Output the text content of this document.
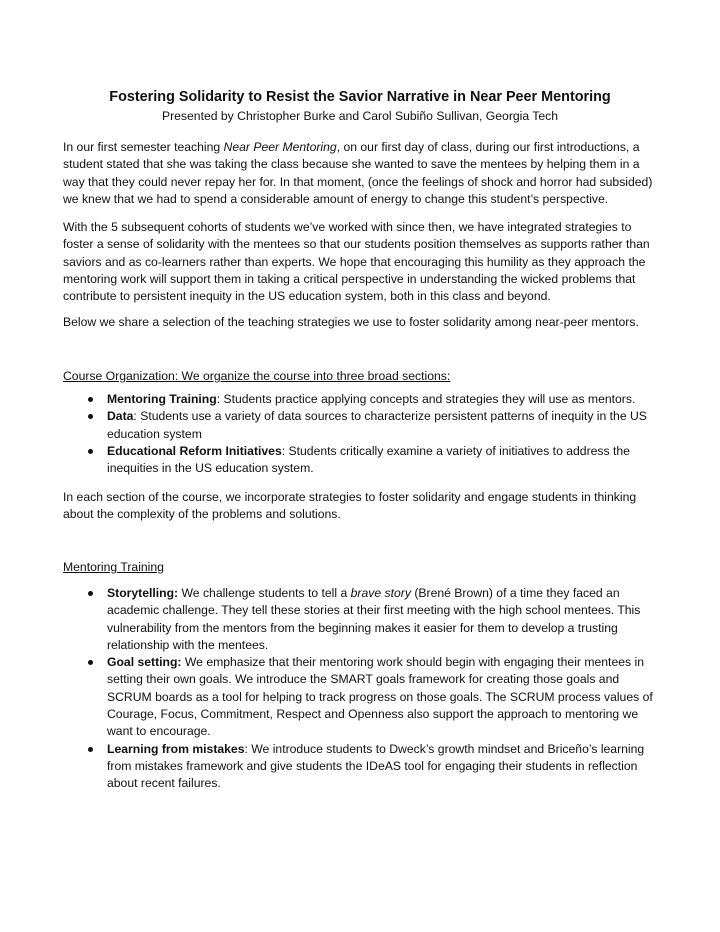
Fostering Solidarity to Resist the Savior Narrative in Near Peer Mentoring
Presented by Christopher Burke and Carol Subiño Sullivan, Georgia Tech

In our first semester teaching Near Peer Mentoring, on our first day of class, during our first introductions, a student stated that she was taking the class because she wanted to save the mentees by helping them in a way that they could never repay her for. In that moment, (once the feelings of shock and horror had subsided) we knew that we had to spend a considerable amount of energy to change this student’s perspective.

With the 5 subsequent cohorts of students we’ve worked with since then, we have integrated strategies to foster a sense of solidarity with the mentees so that our students position themselves as supports rather than saviors and as co-learners rather than experts. We hope that encouraging this humility as they approach the mentoring work will support them in taking a critical perspective in understanding the wicked problems that contribute to persistent inequity in the US education system, both in this class and beyond.

Below we share a selection of the teaching strategies we use to foster solidarity among near-peer mentors.

Course Organization: We organize the course into three broad sections:

Mentoring Training: Students practice applying concepts and strategies they will use as mentors.
Data: Students use a variety of data sources to characterize persistent patterns of inequity in the US education system
Educational Reform Initiatives: Students critically examine a variety of initiatives to address the inequities in the US education system.

In each section of the course, we incorporate strategies to foster solidarity and engage students in thinking about the complexity of the problems and solutions.

Mentoring Training

Storytelling: We challenge students to tell a brave story (Brené Brown) of a time they faced an academic challenge. They tell these stories at their first meeting with the high school mentees. This vulnerability from the mentors from the beginning makes it easier for them to develop a trusting relationship with the mentees.
Goal setting: We emphasize that their mentoring work should begin with engaging their mentees in setting their own goals. We introduce the SMART goals framework for creating those goals and SCRUM boards as a tool for helping to track progress on those goals. The SCRUM process values of Courage, Focus, Commitment, Respect and Openness also support the approach to mentoring we want to encourage.
Learning from mistakes: We introduce students to Dweck’s growth mindset and Briceño’s learning from mistakes framework and give students the IDeAS tool for engaging their students in reflection about recent failures.
